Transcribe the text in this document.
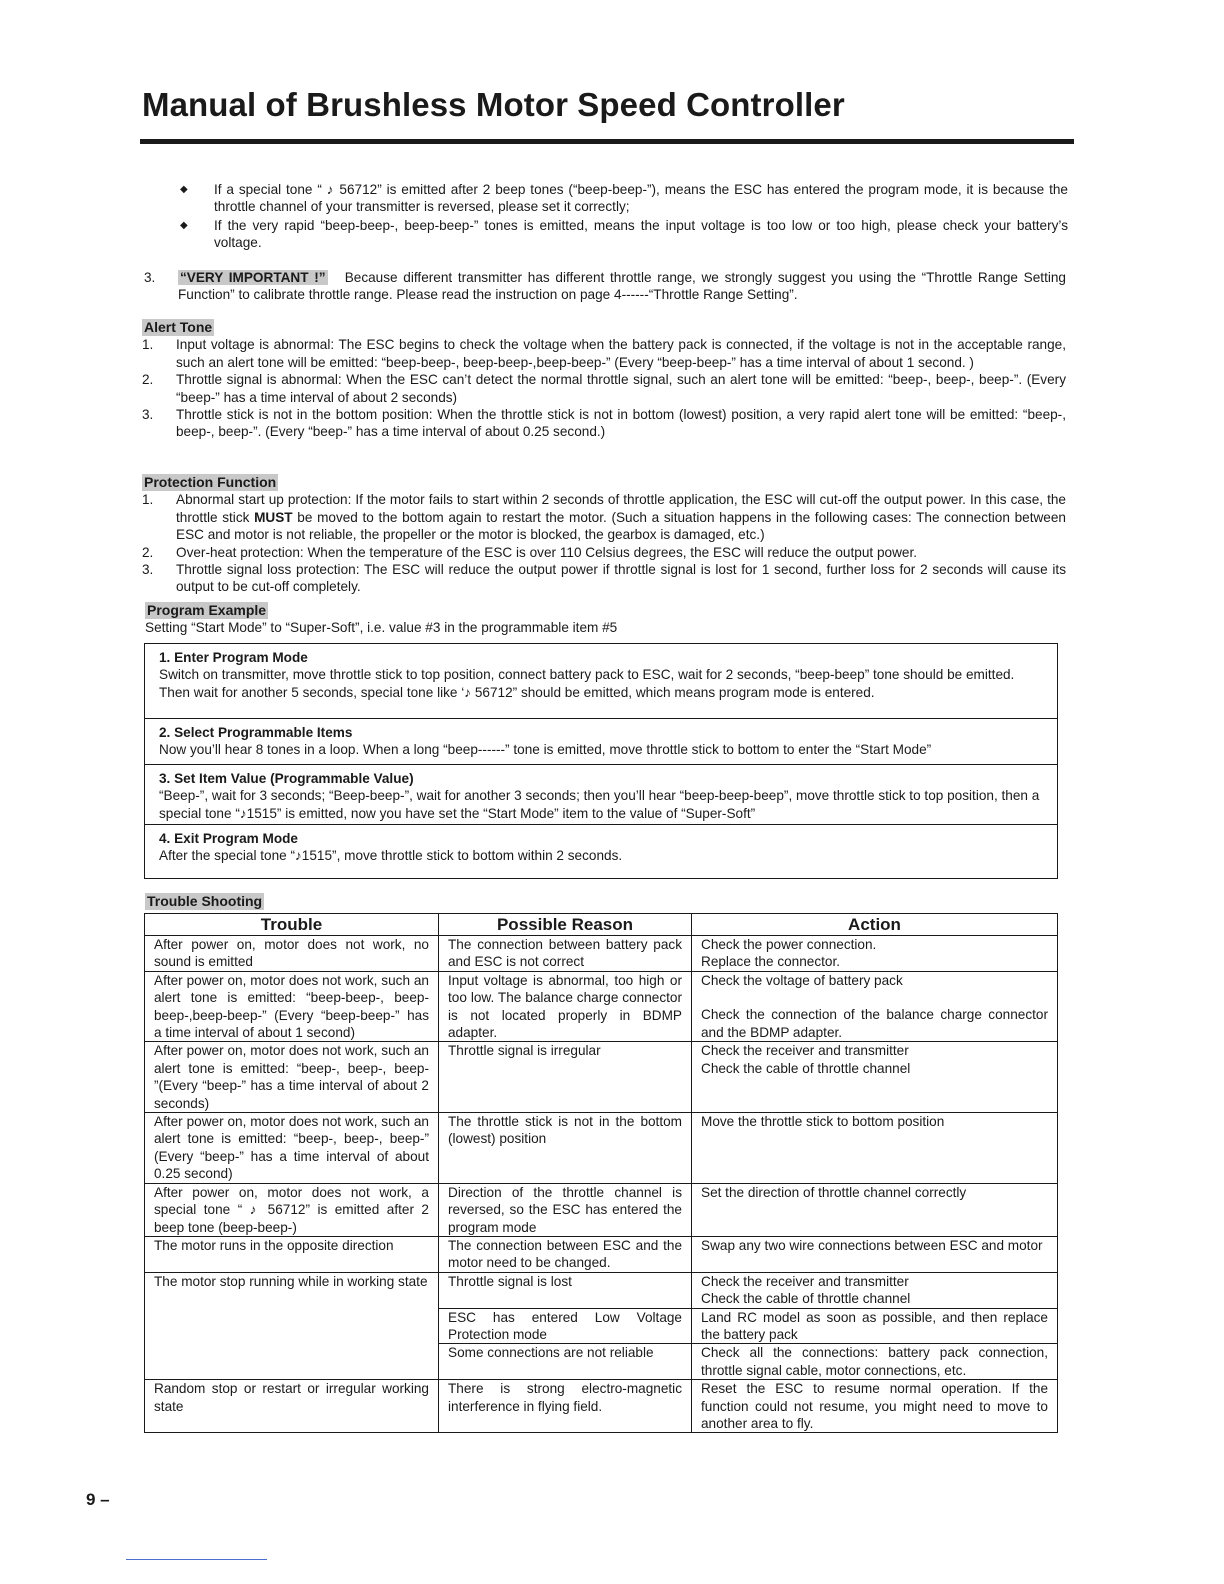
Manual of Brushless Motor Speed Controller
◆ If a special tone “ ♪ 56712” is emitted after 2 beep tones (“beep-beep-”), means the ESC has entered the program mode, it is because the throttle channel of your transmitter is reversed, please set it correctly;
◆ If the very rapid “beep-beep-, beep-beep-” tones is emitted, means the input voltage is too low or too high, please check your battery’s voltage.
3. “VERY IMPORTANT !” Because different transmitter has different throttle range, we strongly suggest you using the “Throttle Range Setting Function” to calibrate throttle range. Please read the instruction on page 4------“Throttle Range Setting”.
Alert Tone
1. Input voltage is abnormal: The ESC begins to check the voltage when the battery pack is connected, if the voltage is not in the acceptable range, such an alert tone will be emitted: “beep-beep-, beep-beep-,beep-beep-” (Every “beep-beep-” has a time interval of about 1 second. )
2. Throttle signal is abnormal: When the ESC can’t detect the normal throttle signal, such an alert tone will be emitted: “beep-, beep-, beep-”. (Every “beep-” has a time interval of about 2 seconds)
3. Throttle stick is not in the bottom position: When the throttle stick is not in bottom (lowest) position, a very rapid alert tone will be emitted: “beep-, beep-, beep-”. (Every “beep-” has a time interval of about 0.25 second.)
Protection Function
1. Abnormal start up protection: If the motor fails to start within 2 seconds of throttle application, the ESC will cut-off the output power. In this case, the throttle stick MUST be moved to the bottom again to restart the motor. (Such a situation happens in the following cases: The connection between ESC and motor is not reliable, the propeller or the motor is blocked, the gearbox is damaged, etc.)
2. Over-heat protection: When the temperature of the ESC is over 110 Celsius degrees, the ESC will reduce the output power.
3. Throttle signal loss protection: The ESC will reduce the output power if throttle signal is lost for 1 second, further loss for 2 seconds will cause its output to be cut-off completely.
Program Example
Setting “Start Mode” to “Super-Soft”, i.e. value #3 in the programmable item #5
1. Enter Program Mode
Switch on transmitter, move throttle stick to top position, connect battery pack to ESC, wait for 2 seconds, “beep-beep” tone should be emitted. Then wait for another 5 seconds, special tone like ‘♪ 56712” should be emitted, which means program mode is entered.
2. Select Programmable Items
Now you’ll hear 8 tones in a loop. When a long “beep------” tone is emitted, move throttle stick to bottom to enter the “Start Mode”
3. Set Item Value (Programmable Value)
“Beep-”, wait for 3 seconds; “Beep-beep-”, wait for another 3 seconds; then you’ll hear “beep-beep-beep”, move throttle stick to top position, then a special tone “♪1515” is emitted, now you have set the “Start Mode” item to the value of “Super-Soft”
4. Exit Program Mode
After the special tone “♪1515”, move throttle stick to bottom within 2 seconds.
Trouble Shooting
Trouble	Possible Reason	Action
After power on, motor does not work, no sound is emitted	The connection between battery pack and ESC is not correct	Check the power connection.
Replace the connector.

After power on, motor does not work, such an alert tone is emitted: “beep-beep-, beep-beep-,beep-beep-” (Every “beep-beep-” has a time interval of about 1 second)	Input voltage is abnormal, too high or too low. The balance charge connector is not located properly in BDMP adapter.	Check the voltage of battery pack
Check the connection of the balance charge connector and the BDMP adapter.

After power on, motor does not work, such an alert tone is emitted: “beep-, beep-, beep- ”(Every “beep-” has a time interval of about 2 seconds)	Throttle signal is irregular	Check the receiver and transmitter
Check the cable of throttle channel

After power on, motor does not work, such an alert tone is emitted: “beep-, beep-, beep-” (Every “beep-” has a time interval of about 0.25 second)	The throttle stick is not in the bottom (lowest) position	Move the throttle stick to bottom position

After power on, motor does not work, a special tone “ ♪ 56712” is emitted after 2 beep tone (beep-beep-)	Direction of the throttle channel is reversed, so the ESC has entered the program mode	Set the direction of throttle channel correctly

The motor runs in the opposite direction	The connection between ESC and the motor need to be changed.	Swap any two wire connections between ESC and motor

The motor stop running while in working state	Throttle signal is lost	Check the receiver and transmitter
Check the cable of throttle channel

	ESC has entered Low Voltage Protection mode	Land RC model as soon as possible, and then replace the battery pack

	Some connections are not reliable	Check all the connections: battery pack connection, throttle signal cable, motor connections, etc.

Random stop or restart or irregular working state	There is strong electro-magnetic interference in flying field.	Reset the ESC to resume normal operation. If the function could not resume, you might need to move to another area to fly.
9 –
